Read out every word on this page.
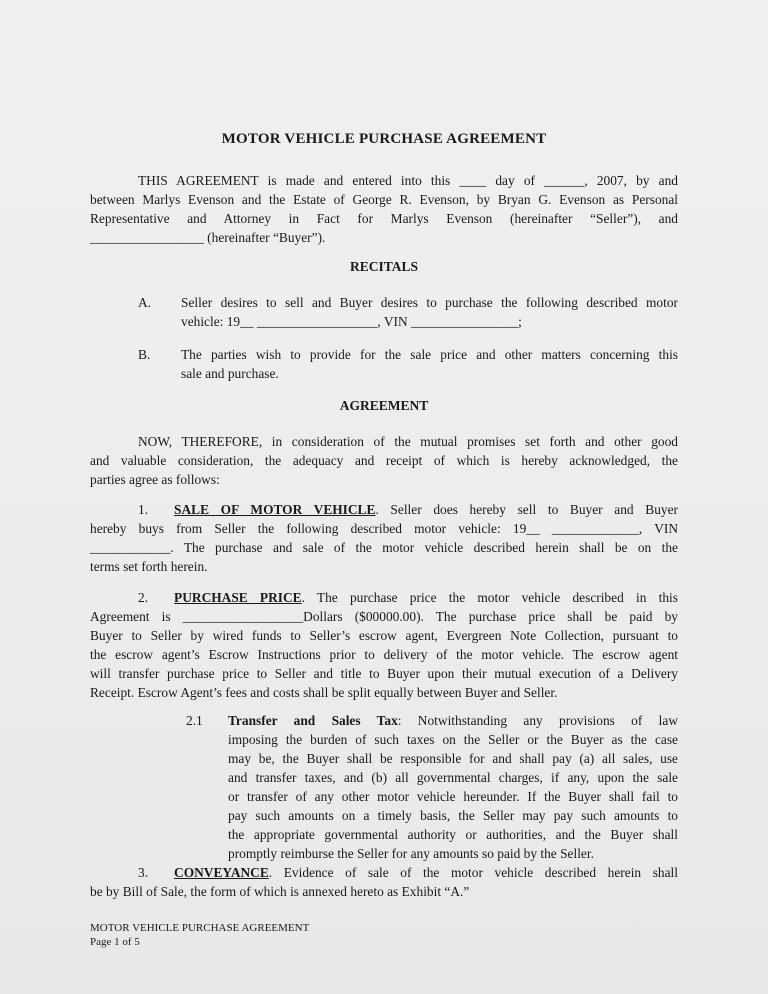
MOTOR VEHICLE PURCHASE AGREEMENT
THIS AGREEMENT is made and entered into this ____ day of ______, 2007, by and
between Marlys Evenson and the Estate of George R. Evenson, by Bryan G. Evenson as Personal
Representative and Attorney in Fact for Marlys Evenson (hereinafter “Seller”), and
_________________ (hereinafter “Buyer”).
RECITALS
A. Seller desires to sell and Buyer desires to purchase the following described motor
vehicle: 19__ __________________, VIN ________________;
B. The parties wish to provide for the sale price and other matters concerning this
sale and purchase.
AGREEMENT
NOW, THEREFORE, in consideration of the mutual promises set forth and other good
and valuable consideration, the adequacy and receipt of which is hereby acknowledged, the
parties agree as follows:
1. SALE OF MOTOR VEHICLE. Seller does hereby sell to Buyer and Buyer
hereby buys from Seller the following described motor vehicle: 19__ _____________, VIN
____________. The purchase and sale of the motor vehicle described herein shall be on the
terms set forth herein.
2. PURCHASE PRICE. The purchase price the motor vehicle described in this
Agreement is __________________Dollars ($00000.00). The purchase price shall be paid by
Buyer to Seller by wired funds to Seller’s escrow agent, Evergreen Note Collection, pursuant to
the escrow agent’s Escrow Instructions prior to delivery of the motor vehicle. The escrow agent
will transfer purchase price to Seller and title to Buyer upon their mutual execution of a Delivery
Receipt. Escrow Agent’s fees and costs shall be split equally between Buyer and Seller.
2.1 Transfer and Sales Tax: Notwithstanding any provisions of law
imposing the burden of such taxes on the Seller or the Buyer as the case
may be, the Buyer shall be responsible for and shall pay (a) all sales, use
and transfer taxes, and (b) all governmental charges, if any, upon the sale
or transfer of any other motor vehicle hereunder. If the Buyer shall fail to
pay such amounts on a timely basis, the Seller may pay such amounts to
the appropriate governmental authority or authorities, and the Buyer shall
promptly reimburse the Seller for any amounts so paid by the Seller.
3. CONVEYANCE. Evidence of sale of the motor vehicle described herein shall
be by Bill of Sale, the form of which is annexed hereto as Exhibit “A.”
MOTOR VEHICLE PURCHASE AGREEMENT
Page 1 of 5
